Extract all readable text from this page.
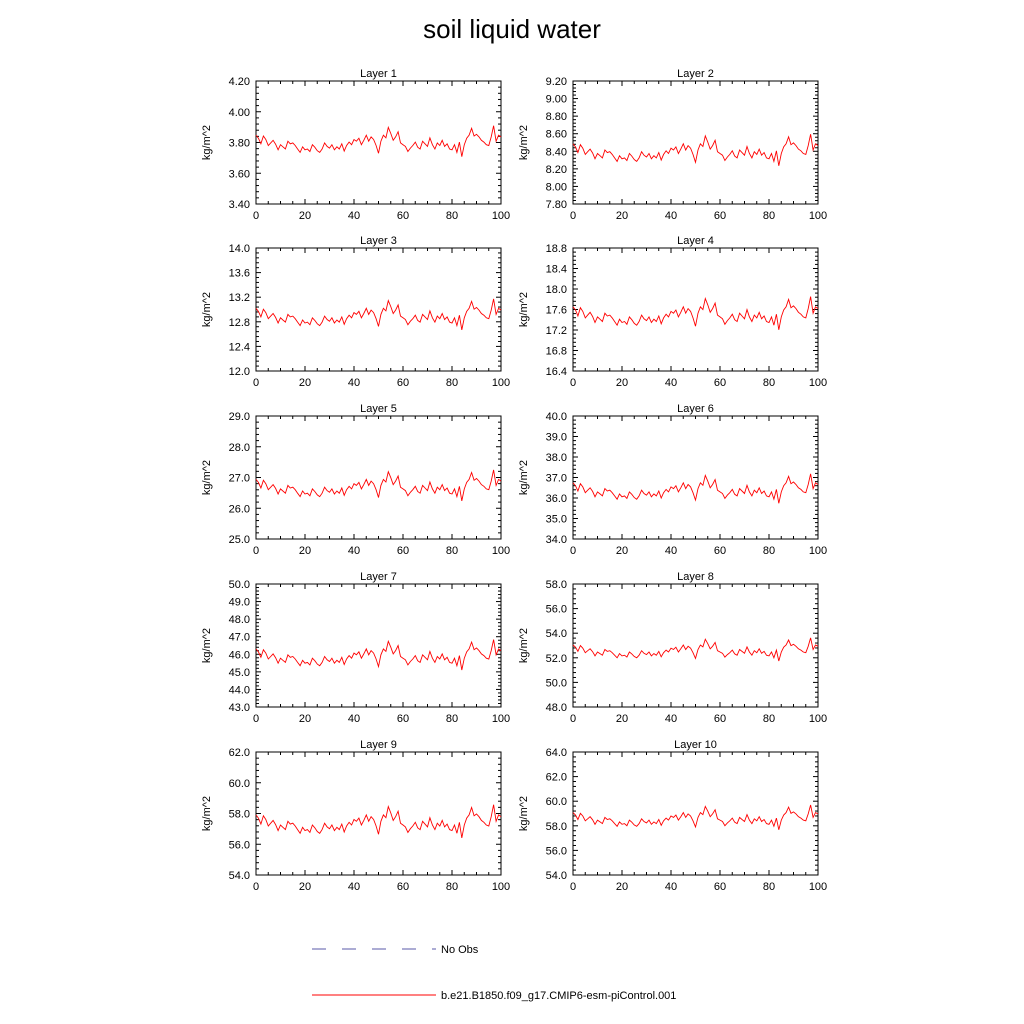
soil liquid water
Layer 1
kg/m^2
0	20	40	60	80	100
3.40
3.60
3.80
4.00
4.20
Layer 2
kg/m^2
0	20	40	60	80	100
7.80
8.00
8.20
8.40
8.60
8.80
9.00
9.20
Layer 3
kg/m^2
0	20	40	60	80	100
12.0
12.4
12.8
13.2
13.6
14.0
Layer 4
kg/m^2
0	20	40	60	80	100
16.4
16.8
17.2
17.6
18.0
18.4
18.8
Layer 5
kg/m^2
0	20	40	60	80	100
25.0
26.0
27.0
28.0
29.0
Layer 6
kg/m^2
0	20	40	60	80	100
34.0
35.0
36.0
37.0
38.0
39.0
40.0
Layer 7
kg/m^2
0	20	40	60	80	100
43.0
44.0
45.0
46.0
47.0
48.0
49.0
50.0
Layer 8
kg/m^2
0	20	40	60	80	100
48.0
50.0
52.0
54.0
56.0
58.0
Layer 9
kg/m^2
0	20	40	60	80	100
54.0
56.0
58.0
60.0
62.0
Layer 10
kg/m^2
0	20	40	60	80	100
54.0
56.0
58.0
60.0
62.0
64.0
No Obs
b.e21.B1850.f09_g17.CMIP6-esm-piControl.001
